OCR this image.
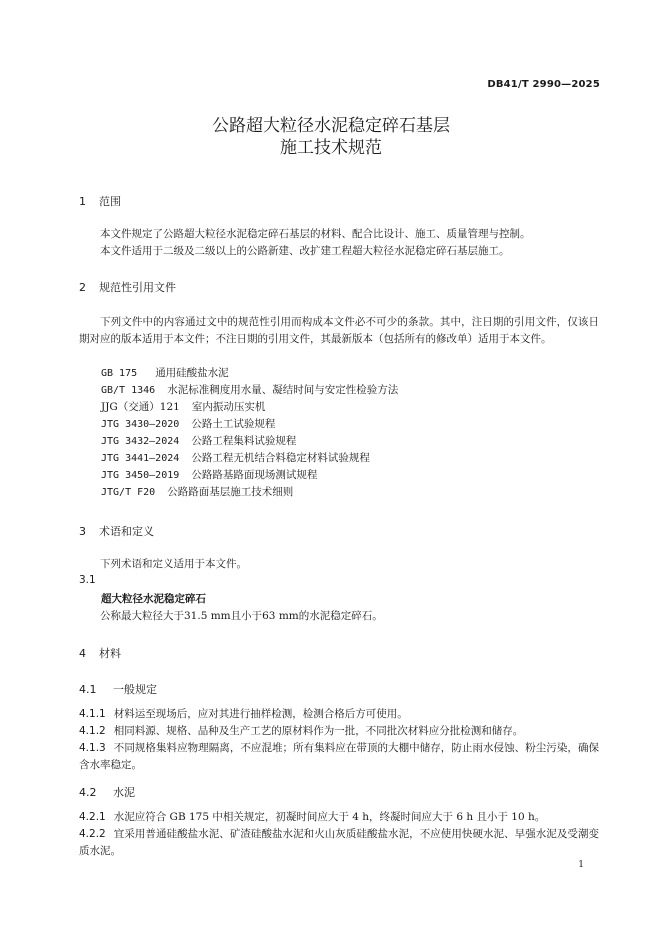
DB41/T 2990—2025
公路超大粒径水泥稳定碎石基层
施工技术规范
1 范围
本文件规定了公路超大粒径水泥稳定碎石基层的材料、配合比设计、施工、质量管理与控制。
本文件适用于二级及二级以上的公路新建、改扩建工程超大粒径水泥稳定碎石基层施工。
2 规范性引用文件
下列文件中的内容通过文中的规范性引用而构成本文件必不可少的条款。其中，注日期的引用文件，仅该日期对应的版本适用于本文件；不注日期的引用文件，其最新版本（包括所有的修改单）适用于本文件。
GB 175 通用硅酸盐水泥
GB/T 1346 水泥标准稠度用水量、凝结时间与安定性检验方法
JJG（交通）121 室内振动压实机
JTG 3430—2020 公路土工试验规程
JTG 3432—2024 公路工程集料试验规程
JTG 3441—2024 公路工程无机结合料稳定材料试验规程
JTG 3450—2019 公路路基路面现场测试规程
JTG/T F20 公路路面基层施工技术细则
3 术语和定义
下列术语和定义适用于本文件。
3.1
超大粒径水泥稳定碎石
公称最大粒径大于31.5 mm且小于63 mm的水泥稳定碎石。
4 材料
4.1 一般规定
4.1.1 材料运至现场后，应对其进行抽样检测，检测合格后方可使用。
4.1.2 相同料源、规格、品种及生产工艺的原材料作为一批，不同批次材料应分批检测和储存。
4.1.3 不同规格集料应物理隔离，不应混堆；所有集料应在带顶的大棚中储存，防止雨水侵蚀、粉尘污染，确保含水率稳定。
4.2 水泥
4.2.1 水泥应符合 GB 175 中相关规定，初凝时间应大于 4 h，终凝时间应大于 6 h 且小于 10 h。
4.2.2 宜采用普通硅酸盐水泥、矿渣硅酸盐水泥和火山灰质硅酸盐水泥，不应使用快硬水泥、早强水泥及受潮变质水泥。
1
